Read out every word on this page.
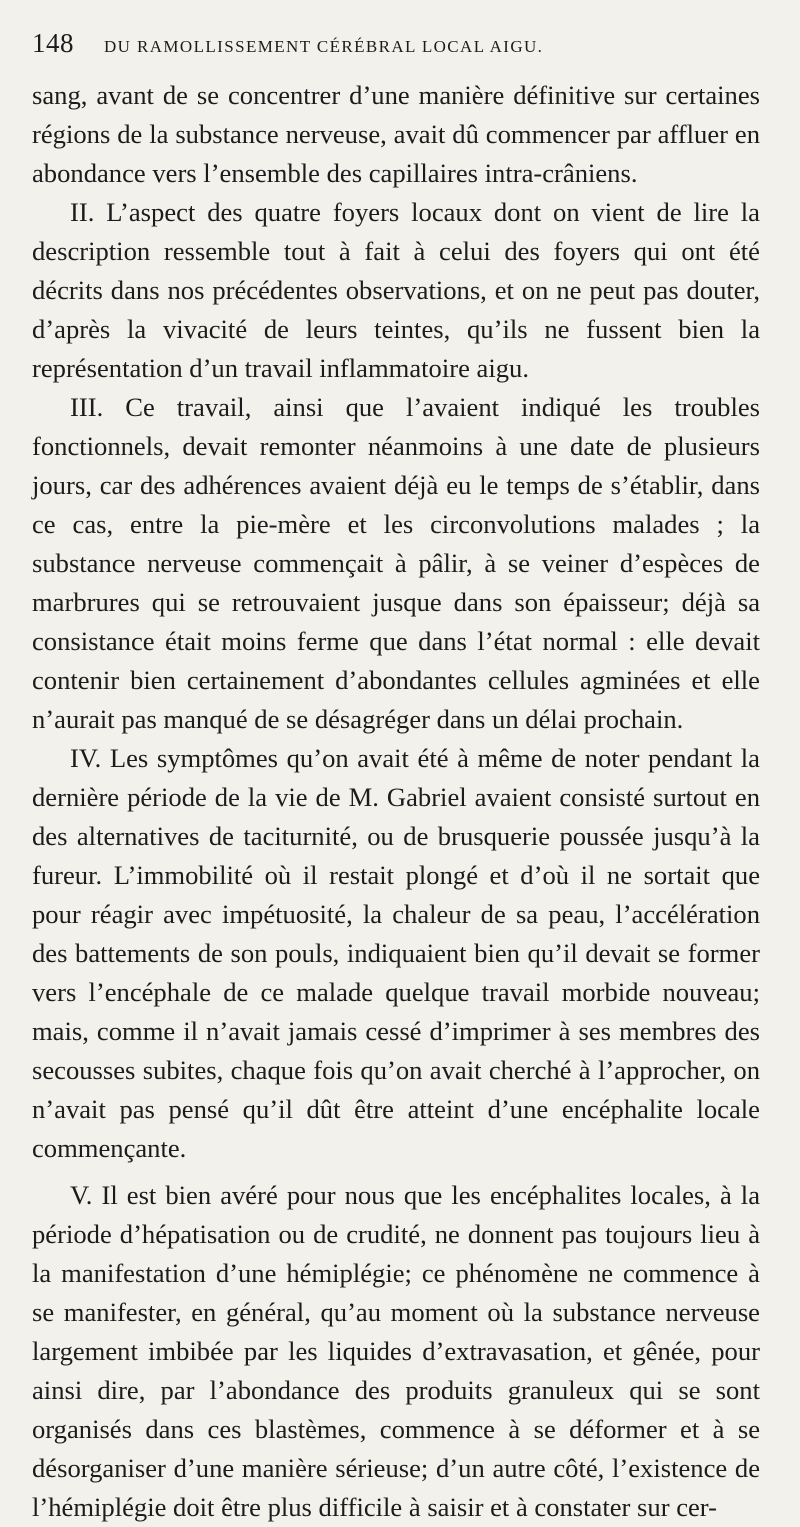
148 DU RAMOLLISSEMENT CÉRÉBRAL LOCAL AIGU.

sang, avant de se concentrer d’une manière définitive sur certaines régions de la substance nerveuse, avait dû commencer par affluer en abondance vers l’ensemble des capillaires intra-crâniens.

II. L’aspect des quatre foyers locaux dont on vient de lire la description ressemble tout à fait à celui des foyers qui ont été décrits dans nos précédentes observations, et on ne peut pas douter, d’après la vivacité de leurs teintes, qu’ils ne fussent bien la représentation d’un travail inflammatoire aigu.

III. Ce travail, ainsi que l’avaient indiqué les troubles fonctionnels, devait remonter néanmoins à une date de plusieurs jours, car des adhérences avaient déjà eu le temps de s’établir, dans ce cas, entre la pie-mère et les circonvolutions malades ; la substance nerveuse commençait à pâlir, à se veiner d’espèces de marbrures qui se retrouvaient jusque dans son épaisseur; déjà sa consistance était moins ferme que dans l’état normal : elle devait contenir bien certainement d’abondantes cellules agminées et elle n’aurait pas manqué de se désagréger dans un délai prochain.

IV. Les symptômes qu’on avait été à même de noter pendant la dernière période de la vie de M. Gabriel avaient consisté surtout en des alternatives de taciturnité, ou de brusquerie poussée jusqu’à la fureur. L’immobilité où il restait plongé et d’où il ne sortait que pour réagir avec impétuosité, la chaleur de sa peau, l’accélération des battements de son pouls, indiquaient bien qu’il devait se former vers l’encéphale de ce malade quelque travail morbide nouveau; mais, comme il n’avait jamais cessé d’imprimer à ses membres des secousses subites, chaque fois qu’on avait cherché à l’approcher, on n’avait pas pensé qu’il dût être atteint d’une encéphalite locale commençante.

V. Il est bien avéré pour nous que les encéphalites locales, à la période d’hépatisation ou de crudité, ne donnent pas toujours lieu à la manifestation d’une hémiplégie; ce phénomène ne commence à se manifester, en général, qu’au moment où la substance nerveuse largement imbibée par les liquides d’extravasation, et gênée, pour ainsi dire, par l’abondance des produits granuleux qui se sont organisés dans ces blastèmes, commence à se déformer et à se désorganiser d’une manière sérieuse; d’un autre côté, l’existence de l’hémiplégie doit être plus difficile à saisir et à constater sur cer-
